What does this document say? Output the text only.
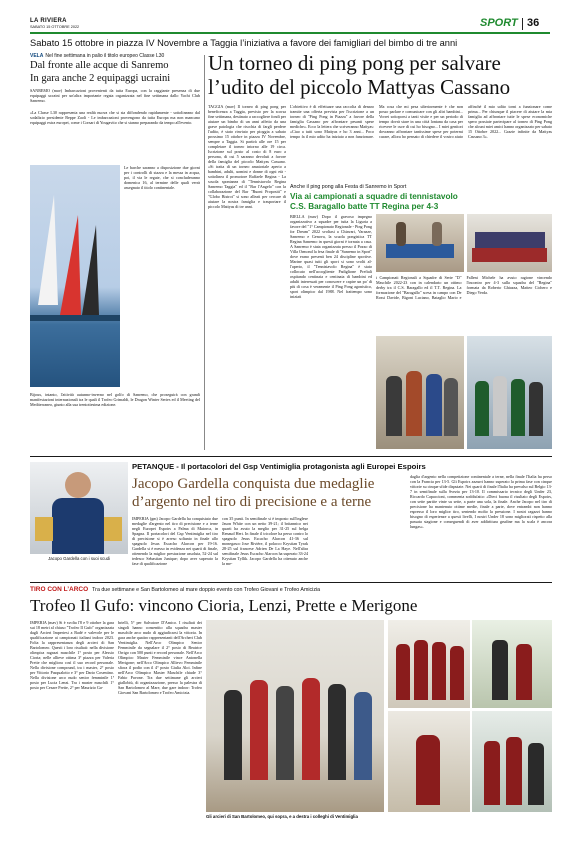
LA RIVIERA
SABATO 15 OTTOBRE 2022	SPORT 36
Sabato 15 ottobre in piazza IV Novembre a Taggia l’iniziativa a favore dei famigliari del bimbo di tre anni
VELA Nel fine settimana in palio il titolo europeo Classe L30
Dal fronte alle acque di Sanremo
In gara anche 2 equipaggi ucraini
SANREMO (mav) Imbarcazioni provenienti da tutta Europa, con la raggiante presenza di due equipaggi ucraini per un'altra importante regata organizzata nel fine settimana dallo Yacht Club Sanremo.
«La Classe L30 rappresenta una realtà nuova che si sta diffondendo rapidamente - sottolineano dal sodalizio presidente Beppe Zaoli - Le imbarcazioni provengono da tutta Europa ma non mancano equipaggi extra europei, come i Corsari di Yougavito che si stanno preparando da tempo all'evento.
Le barche saranno a disposizione due giorni per i controlli di stazza e la messa in acqua, poi, il via le regate, che si concluderanno domenica 16, al termine delle quali verrà assegnato il titolo continentale.
Bijoux, intanto, l'attività autunno-inverno nel golfo di Sanremo, che proseguirà con grandi manifestazioni internazionali tra le quali il Trofeo Grimaldi, le Dragon Winter Series ed il Meeting del Mediterraneo, giunto alla sua trentottesima edizione.
Un torneo di ping pong per salvare
l’udito del piccolo Mattyas Cassano
TAGGIA (mav) Il torneo di ping pong per beneficenza a Taggia, previsto per la scorsa fine settimana, destinato a raccogliere fondi per aiutare un bimbo di un anni affetto da una grave patologia che riscchia di fargli perdere l'udito, è stato rinviato per pioggia a sabato prossimo 15 ottobre in piazza IV Novembre, sempre a Taggia. Si partirà alle ore 15 per completare il torneo intorno alle 19 circa. Iscrizione sul posto al costo di 8 euro a persona, di cui 5 saranno devoluti a favore della famiglia del piccolo Mattyas Cassano. «Si tratta di un torneo amatoriale aperto a bambini, adulti, uomini e donne di ogni età - sottolinea il promotore Raffaele Regina - La scuola spontanea di "Tennistavolo Regina Sanremo Taggia" ed il "Bar l'Angelo" con la collaborazione del Bar "Buoni Propositi" e "Globo Bistrot" si sono alleati per cercare di aiutare la nostra famiglia e trasportare il piccolo Mattyas di tre anni.
L'obiettivo è di effettuare una raccolta di denaro tramite una offerta prevista per l'iscrizione a un torneo di "Ping Pong in Piazza" a favore della famiglia Cassano per affrontare pesanti spese mediche». Ecco la lettera che scriveranno Mattyas: «Ciao a tutti sono Mattyas e ho 3 anni... Poco tempo fa il mio udito ha iniziato a non funzionare. Ma cosa che mi pesa ulteriormente è che non posso parlare e comunicare con gli altri bambini... Vorrei sottoporsi a tanti visite e per un periodo di tempo dovrà stare in una città lontana da casa per ricevere le cure di cui ho bisogno... I miei genitori dovranno affrontare tantissime spese per potermi curare, allora ho pensato di chiedere il vostro aiuto affinché il mio udito torni a funzionare come prima... Per chiunque il piacere di aiutare la mia famiglia ad affrontare tutte le spese economiche spero possiate partecipare al torneo di Ping Pong che alcuni miei amici hanno organizzato per sabato 15 Ottobre 2022... Grazie infinite da Mattyas Cassano 3».
Anche il ping pong alla Festa di Sanremo in Sport
Via ai campionati a squadre di tennistavolo
C.S. Baragallo batte TT Regina per 4-3
BIELLA (mav) Dopo il gravoso impegno organizzativo a squadre per tutta la Liguria a favore del "1° Campionato Regionale - Ping Pong for Dream" 2022 svoltasi a Chiavari, Varazze, Sanremo e Genova, la scuola pongistica TT Regina Sanremo in questi giorni è tornata a casa. A Sanremo è stata organizzata presso il Pozzo di Villa Ormond la fesa finale di "Sanremo in Sport" dove erano presenti ben 24 discipline sportive. Marine quasi tutti gli sport si sono svolti al-l'aperto, il "Tennistavolo Regina" è stato collocato nell'accogliente Padiglione Prefiali ospitando centinaia e centinaia di bambini ed adulti interessati per conoscere e capire un po' di più di cosa è veramente il Ping Pong agonistico, sport olimpico dal 1988. Nel frattempo sono iniziati
i Campionati Regionali a Squadre di Serie "D" Maschile 2022-23 con in calendario un ottimo derby tra il C.S. Baragallo ed il T.T. Regina. La formazione del "Baragallo" scesa in campo con De Rossi Davide, Bigoni Luciano, Bataglio Mario e Falleni Michele ha avuto ragione vincendo l'incontro per 4-3 sulla squadra del "Regina" formata da Roberto Ghiazza, Matteo Cichero e Diego Verda.
Jacopo Gardella con i suoi scudi
PETANQUE - Il portacolori del Gsp Ventimiglia protagonista agli Europei Espoirs
Jacopo Gardella conquista due medaglie
d’argento nel tiro di precisione e a terne
IMPERIA (gm) Jacopo Gardella ha conquistato due medaglie d'argento nel tiro di precisione e a terne negli Europei Espoirs a Palma di Maiorca, in Spagna. Il portacolori del Gsp Ventimiglia nel tiro di precisione si è arreso soltanto in finale allo spagnolo Jesus Escacho Alarcon per 19-16. Gardella si è messo in evidenza nei quarti di finale, ottenendo la miglior prestazione assoluta, 52-24 sul tedesco Sebastian Junique; dopo aver superato la fase di qualificazione
con 35 punti. In semifinale si è imposto sull'inglese Jason White con un netto 39-21; il britannico nei quarti ha avuto la meglio per 31-25 sul belga Renaud Hert. In finale il tricolore ha perso contro lo spagnolo Jesus Escacho Alarcon 41-36 sul monegasco Jose Rivière, il polacco Krystian Tyrak 28-25 sul francese Adrien De La Haye. Nell'altra semifinale Jesus Escacho Alarcon ha superato 33-24 Krystian Tyllik. Jacopo Gardella ha ottenuto anche la me-
daglia d'argento nella competizione continentale a terne, nella finale l'Italia ha perso con la Francia per 13-5. Gli Espoirs azzurri hanno superato la prima fase con cinque vittorie su cinque sfide disputate. Nei quarti di finale l'Italia ha prevalso sul Belgio 13-7 in semifinale sulla Svezia per 13-10. Il commissario tecnico degli Under 23, Riccardo Capaccioni, commenta soddisfatto: «Dieci buona il risultato degli Espoirs, con sette partite vinte su sette, a parte una sola, la finale. Anche Jacopo nel tiro di precisione ha mantenuto ottime medie, finale a parte, dove entrambi non hanno espresso il loro miglior tiro, sentendo molto la pressione. I nostri ragazzi hanno bisogno di esperienze a questi livelli, I nostri Under 18 sono migliorati rispetto alla passata stagione e conseguendi di aver addirittura grudine ma la scala è ancora lungas».
TIRO CON L’ARCO Tra due settimane e San Bartolomeo al mare doppio evento con Trofeo Giovani e Trofeo Amicizia
Trofeo Il Gufo: vincono Cioria, Lenzi, Prette e Merigone
IMPERIA (mav) Si è svolta l'8 e 9 ottobre la gara sui 18 metri al chiuso "Trofeo Il Gufo" organizzata dagli Arcieri Imperiesi a Badé e valevole per le qualificazione ai campionati italiani indoor 2023. Folta la rappresentanza degli arcieri di San Bartolomeo. Questi i loro risultati: nella divisione olimpica ragazzi maschile 1° posto per Alessio Cioria; nelle allieve ottima 3ª piazza per Valeria Prette che migliora così il suo record personale. Nella divisione compound, tra i master, 2° posto per Vittorio Pasqualotto e 3° per Dario Cosentino. Nella divisione arco nudo senior femminile 1ª posto per Lucia Lenzi. Tra i master maschili 1° posto per Cesare Prette, 2° per Maurizio Ga-
brielli, 5° per Salvatore D'Amico. I risultati dei singoli hanno consentito alla squadra master maschile arco nudo di aggiudicarsi la vittoria. In gara anche quattro rappresentanti dell'Archeri Club Ventimiglia. Nell'Arco Olimpico Senior Femminile da segnalare il 2° posto di Beatrice Orrigo con 500 punti e record personale. Nell'Arco Olimpico Master Femminile vince Antonella Merigone; nell'Arco Olimpico Allievo Femminile sfiora il podio con il 4° posto Giulia Aloi. Infine nell'Arco Olimpico Master Maschile chiude 3° Fabio Pavone. Tra due settimane gli arcieri giallobiù, di organizzazione, presso la palestra di San Bartolomeo al Mare, due gare indoor: Trofeo Giovani San Bartolomeo e Trofeo Amicizia.
Gli arcieri di San Bartolomeo, qui sopra, e a destra i colleghi di Ventimiglia
